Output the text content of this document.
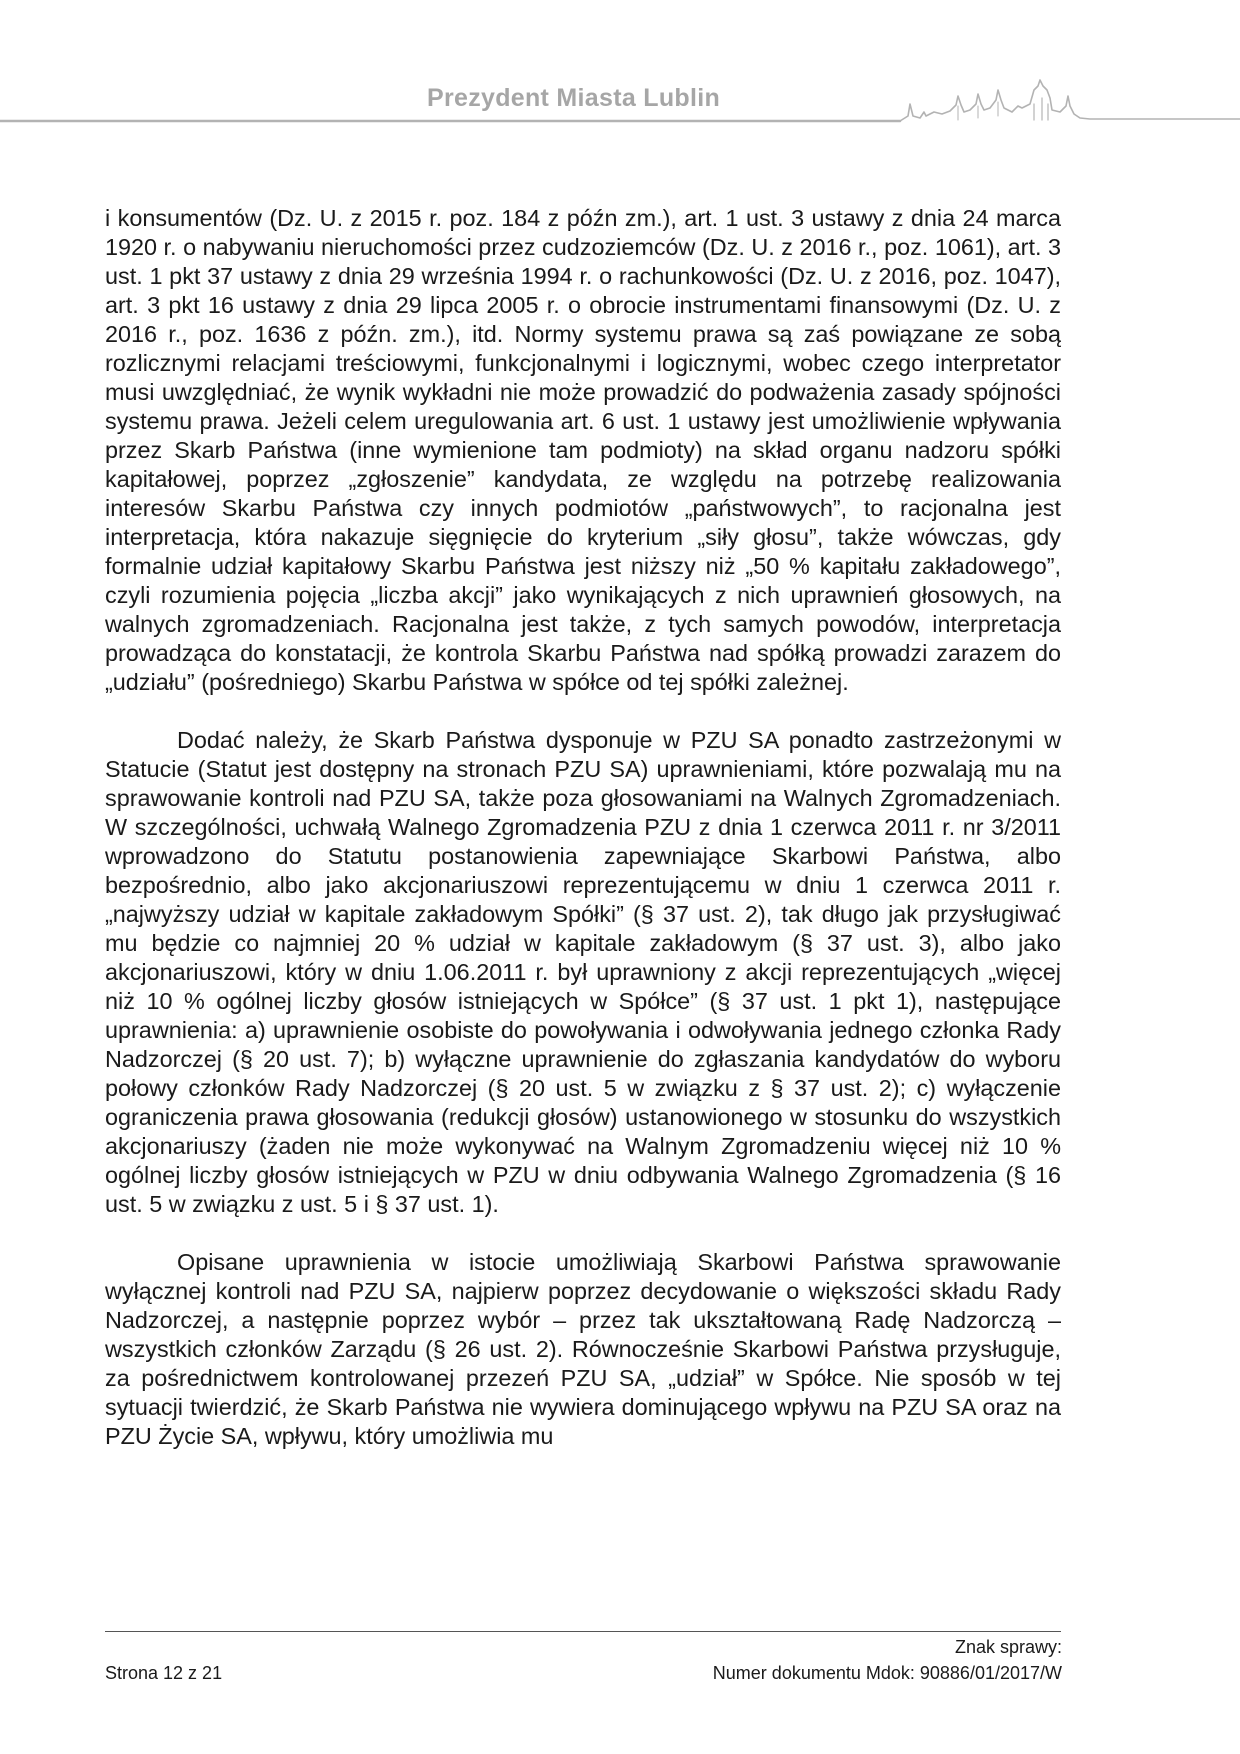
Prezydent Miasta Lublin

i konsumentów (Dz. U. z 2015 r. poz. 184 z późn zm.), art. 1 ust. 3 ustawy z dnia 24 marca 1920 r. o nabywaniu nieruchomości przez cudzoziemców (Dz. U. z 2016 r., poz. 1061), art. 3 ust. 1 pkt 37 ustawy z dnia 29 września 1994 r. o rachunkowości (Dz. U. z 2016, poz. 1047), art. 3 pkt 16 ustawy z dnia 29 lipca 2005 r. o obrocie instrumentami finansowymi (Dz. U. z 2016 r., poz. 1636 z późn. zm.), itd. Normy systemu prawa są zaś powiązane ze sobą rozlicznymi relacjami treściowymi, funkcjonalnymi i logicznymi, wobec czego interpretator musi uwzględniać, że wynik wykładni nie może prowadzić do podważenia zasady spójności systemu prawa. Jeżeli celem uregulowania art. 6 ust. 1 ustawy jest umożliwienie wpływania przez Skarb Państwa (inne wymienione tam podmioty) na skład organu nadzoru spółki kapitałowej, poprzez „zgłoszenie” kandydata, ze względu na potrzebę realizowania interesów Skarbu Państwa czy innych podmiotów „państwowych”, to racjonalna jest interpretacja, która nakazuje sięgnięcie do kryterium „siły głosu”, także wówczas, gdy formalnie udział kapitałowy Skarbu Państwa jest niższy niż „50 % kapitału zakładowego”, czyli rozumienia pojęcia „liczba akcji” jako wynikających z nich uprawnień głosowych, na walnych zgromadzeniach. Racjonalna jest także, z tych samych powodów, interpretacja prowadząca do konstatacji, że kontrola Skarbu Państwa nad spółką prowadzi zarazem do „udziału” (pośredniego) Skarbu Państwa w spółce od tej spółki zależnej.

Dodać należy, że Skarb Państwa dysponuje w PZU SA ponadto zastrzeżonymi w Statucie (Statut jest dostępny na stronach PZU SA) uprawnieniami, które pozwalają mu na sprawowanie kontroli nad PZU SA, także poza głosowaniami na Walnych Zgromadzeniach. W szczególności, uchwałą Walnego Zgromadzenia PZU z dnia 1 czerwca 2011 r. nr 3/2011 wprowadzono do Statutu postanowienia zapewniające Skarbowi Państwa, albo bezpośrednio, albo jako akcjonariuszowi reprezentującemu w dniu 1 czerwca 2011 r. „najwyższy udział w kapitale zakładowym Spółki” (§ 37 ust. 2), tak długo jak przysługiwać mu będzie co najmniej 20 % udział w kapitale zakładowym (§ 37 ust. 3), albo jako akcjonariuszowi, który w dniu 1.06.2011 r. był uprawniony z akcji reprezentujących „więcej niż 10 % ogólnej liczby głosów istniejących w Spółce” (§ 37 ust. 1 pkt 1), następujące uprawnienia: a) uprawnienie osobiste do powoływania i odwoływania jednego członka Rady Nadzorczej (§ 20 ust. 7); b) wyłączne uprawnienie do zgłaszania kandydatów do wyboru połowy członków Rady Nadzorczej (§ 20 ust. 5 w związku z § 37 ust. 2); c) wyłączenie ograniczenia prawa głosowania (redukcji głosów) ustanowionego w stosunku do wszystkich akcjonariuszy (żaden nie może wykonywać na Walnym Zgromadzeniu więcej niż 10 % ogólnej liczby głosów istniejących w PZU w dniu odbywania Walnego Zgromadzenia (§ 16 ust. 5 w związku z ust. 5 i § 37 ust. 1).

Opisane uprawnienia w istocie umożliwiają Skarbowi Państwa sprawowanie wyłącznej kontroli nad PZU SA, najpierw poprzez decydowanie o większości składu Rady Nadzorczej, a następnie poprzez wybór – przez tak ukształtowaną Radę Nadzorczą – wszystkich członków Zarządu (§ 26 ust. 2). Równocześnie Skarbowi Państwa przysługuje, za pośrednictwem kontrolowanej przezeń PZU SA, „udział” w Spółce. Nie sposób w tej sytuacji twierdzić, że Skarb Państwa nie wywiera dominującego wpływu na PZU SA oraz na PZU Życie SA, wpływu, który umożliwia mu

Znak sprawy:
Strona 12 z 21	Numer dokumentu Mdok: 90886/01/2017/W
